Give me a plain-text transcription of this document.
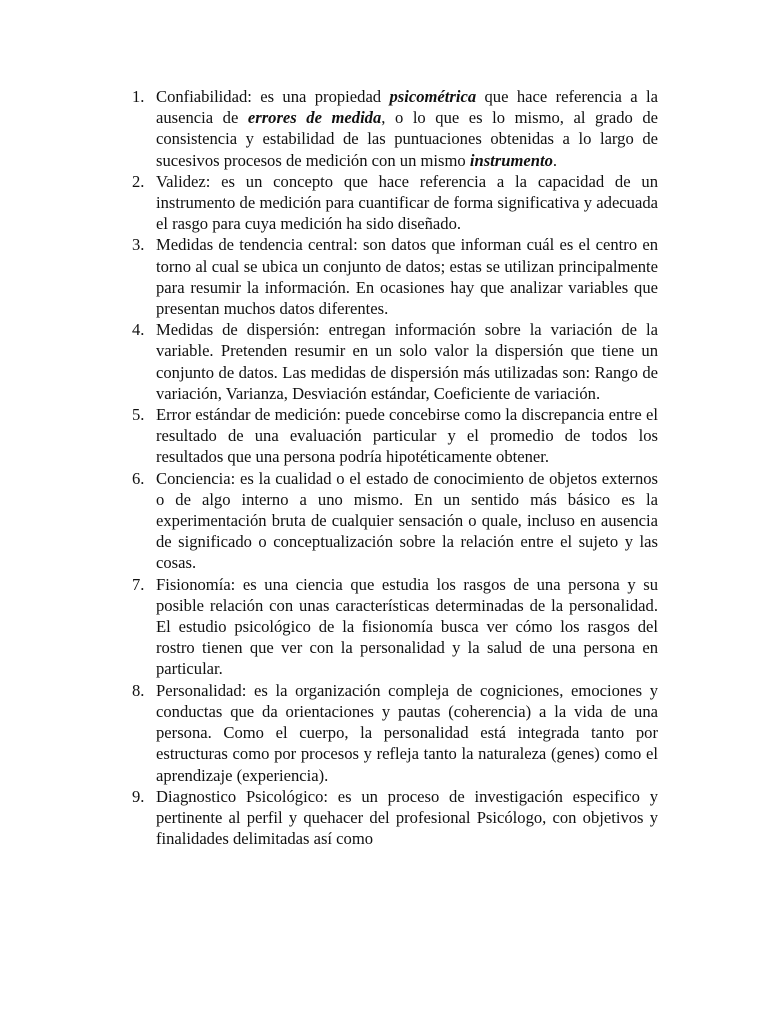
1. Confiabilidad: es una propiedad psicométrica que hace referencia a la ausencia de errores de medida, o lo que es lo mismo, al grado de consistencia y estabilidad de las puntuaciones obtenidas a lo largo de sucesivos procesos de medición con un mismo instrumento.
2. Validez: es un concepto que hace referencia a la capacidad de un instrumento de medición para cuantificar de forma significativa y adecuada el rasgo para cuya medición ha sido diseñado.
3. Medidas de tendencia central: son datos que informan cuál es el centro en torno al cual se ubica un conjunto de datos; estas se utilizan principalmente para resumir la información. En ocasiones hay que analizar variables que presentan muchos datos diferentes.
4. Medidas de dispersión: entregan información sobre la variación de la variable. Pretenden resumir en un solo valor la dispersión que tiene un conjunto de datos. Las medidas de dispersión más utilizadas son: Rango de variación, Varianza, Desviación estándar, Coeficiente de variación.
5. Error estándar de medición: puede concebirse como la discrepancia entre el resultado de una evaluación particular y el promedio de todos los resultados que una persona podría hipotéticamente obtener.
6. Conciencia: es la cualidad o el estado de conocimiento de objetos externos o de algo interno a uno mismo. En un sentido más básico es la experimentación bruta de cualquier sensación o quale, incluso en ausencia de significado o conceptualización sobre la relación entre el sujeto y las cosas.
7. Fisionomía: es una ciencia que estudia los rasgos de una persona y su posible relación con unas características determinadas de la personalidad. El estudio psicológico de la fisionomía busca ver cómo los rasgos del rostro tienen que ver con la personalidad y la salud de una persona en particular.
8. Personalidad: es la organización compleja de cogniciones, emociones y conductas que da orientaciones y pautas (coherencia) a la vida de una persona. Como el cuerpo, la personalidad está integrada tanto por estructuras como por procesos y refleja tanto la naturaleza (genes) como el aprendizaje (experiencia).
9. Diagnostico Psicológico: es un proceso de investigación especifico y pertinente al perfil y quehacer del profesional Psicólogo, con objetivos y finalidades delimitadas así como
